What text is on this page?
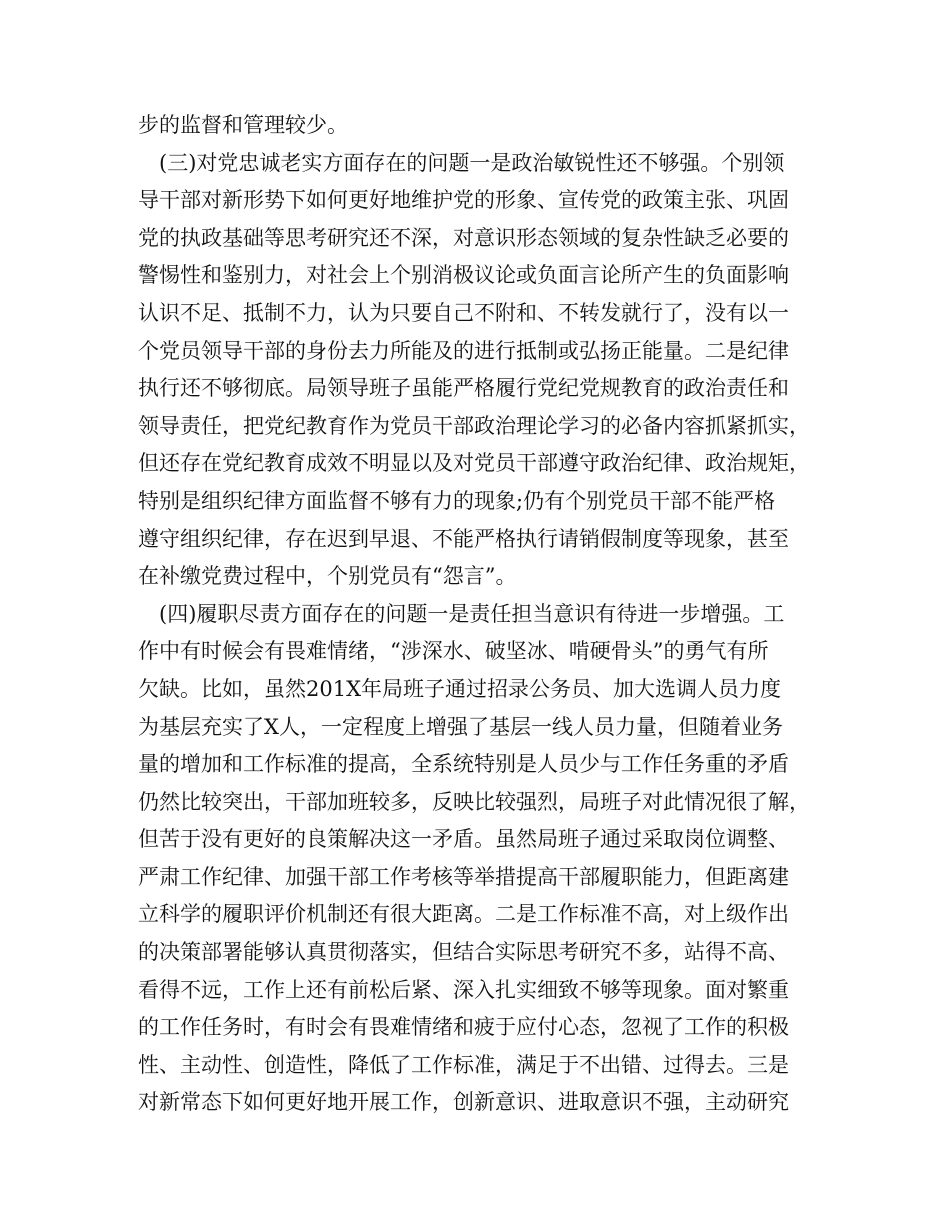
步的监督和管理较少。
　(三)对党忠诚老实方面存在的问题一是政治敏锐性还不够强。个别领
导干部对新形势下如何更好地维护党的形象、宣传党的政策主张、巩固
党的执政基础等思考研究还不深，对意识形态领域的复杂性缺乏必要的
警惕性和鉴别力，对社会上个别消极议论或负面言论所产生的负面影响
认识不足、抵制不力，认为只要自己不附和、不转发就行了，没有以一
个党员领导干部的身份去力所能及的进行抵制或弘扬正能量。二是纪律
执行还不够彻底。局领导班子虽能严格履行党纪党规教育的政治责任和
领导责任，把党纪教育作为党员干部政治理论学习的必备内容抓紧抓实，
但还存在党纪教育成效不明显以及对党员干部遵守政治纪律、政治规矩，
特别是组织纪律方面监督不够有力的现象;仍有个别党员干部不能严格
遵守组织纪律，存在迟到早退、不能严格执行请销假制度等现象，甚至
在补缴党费过程中，个别党员有“怨言”。
　(四)履职尽责方面存在的问题一是责任担当意识有待进一步增强。工
作中有时候会有畏难情绪，“涉深水、破坚冰、啃硬骨头”的勇气有所
欠缺。比如，虽然201X年局班子通过招录公务员、加大选调人员力度
为基层充实了X人，一定程度上增强了基层一线人员力量，但随着业务
量的增加和工作标准的提高，全系统特别是人员少与工作任务重的矛盾
仍然比较突出，干部加班较多，反映比较强烈，局班子对此情况很了解，
但苦于没有更好的良策解决这一矛盾。虽然局班子通过采取岗位调整、
严肃工作纪律、加强干部工作考核等举措提高干部履职能力，但距离建
立科学的履职评价机制还有很大距离。二是工作标准不高，对上级作出
的决策部署能够认真贯彻落实，但结合实际思考研究不多，站得不高、
看得不远，工作上还有前松后紧、深入扎实细致不够等现象。面对繁重
的工作任务时，有时会有畏难情绪和疲于应付心态，忽视了工作的积极
性、主动性、创造性，降低了工作标准，满足于不出错、过得去。三是
对新常态下如何更好地开展工作，创新意识、进取意识不强，主动研究
